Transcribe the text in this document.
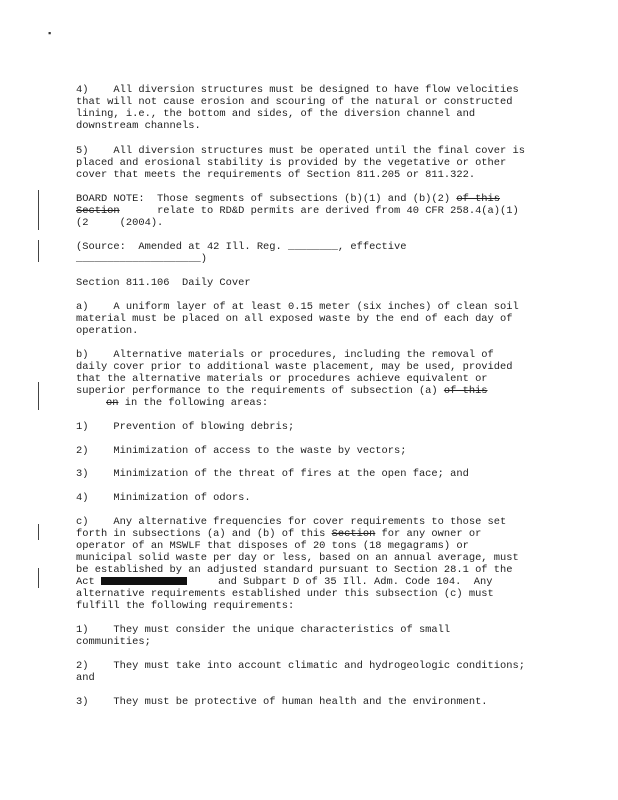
▪
4)    All diversion structures must be designed to have flow velocities
that will not cause erosion and scouring of the natural or constructed
lining, i.e., the bottom and sides, of the diversion channel and
downstream channels.
5)    All diversion structures must be operated until the final cover is
placed and erosional stability is provided by the vegetative or other
cover that meets the requirements of Section 811.205 or 811.322.
BOARD NOTE:  Those segments of subsections (b)(1) and (b)(2) of this
Section      relate to RD&D permits are derived from 40 CFR 258.4(a)(1)
(2     (2004).
(Source:  Amended at 42 Ill. Reg. ________, effective
____________________)
Section 811.106  Daily Cover
a)    A uniform layer of at least 0.15 meter (six inches) of clean soil
material must be placed on all exposed waste by the end of each day of
operation.
b)    Alternative materials or procedures, including the removal of
daily cover prior to additional waste placement, may be used, provided
that the alternative materials or procedures achieve equivalent or
superior performance to the requirements of subsection (a) of this
on in the following areas:
1)    Prevention of blowing debris;
2)    Minimization of access to the waste by vectors;
3)    Minimization of the threat of fires at the open face; and
4)    Minimization of odors.
c)    Any alternative frequencies for cover requirements to those set
forth in subsections (a) and (b) of this Section for any owner or
operator of an MSWLF that disposes of 20 tons (18 megagrams) or
municipal solid waste per day or less, based on an annual average, must
be established by an adjusted standard pursuant to Section 28.1 of the
Act	and Subpart D of 35 Ill. Adm. Code 104.  Any
alternative requirements established under this subsection (c) must
fulfill the following requirements:
1)    They must consider the unique characteristics of small
communities;
2)    They must take into account climatic and hydrogeologic conditions;
and
3)    They must be protective of human health and the environment.
